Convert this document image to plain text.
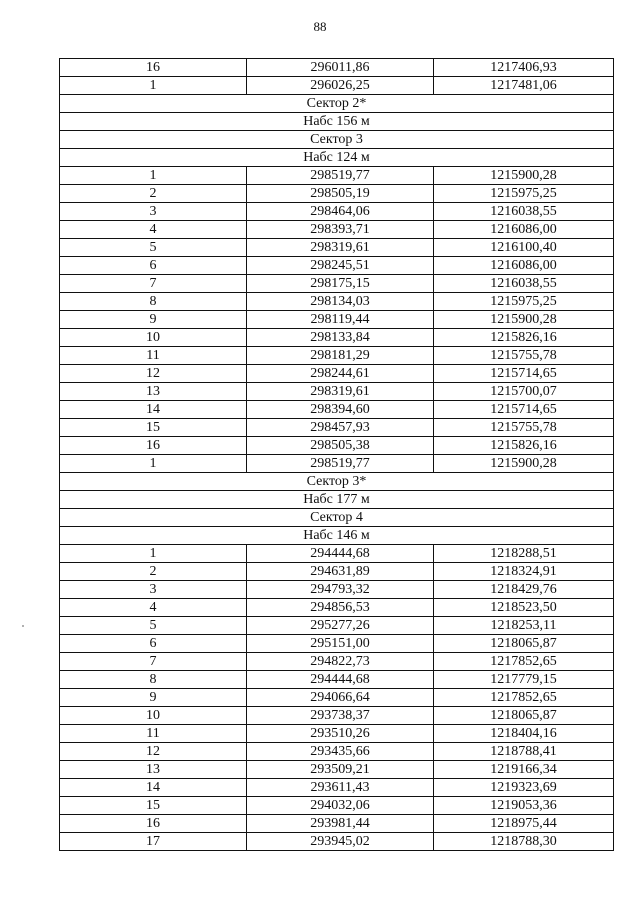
88
16	296011,86	1217406,93
1	296026,25	1217481,06
Сектор 2*		
Набс 156 м		
Сектор 3		
Набс 124 м		
1	298519,77	1215900,28
2	298505,19	1215975,25
3	298464,06	1216038,55
4	298393,71	1216086,00
5	298319,61	1216100,40
6	298245,51	1216086,00
7	298175,15	1216038,55
8	298134,03	1215975,25
9	298119,44	1215900,28
10	298133,84	1215826,16
11	298181,29	1215755,78
12	298244,61	1215714,65
13	298319,61	1215700,07
14	298394,60	1215714,65
15	298457,93	1215755,78
16	298505,38	1215826,16
1	298519,77	1215900,28
Сектор 3*		
Набс 177 м		
Сектор 4		
Набс 146 м		
1	294444,68	1218288,51
2	294631,89	1218324,91
3	294793,32	1218429,76
4	294856,53	1218523,50
5	295277,26	1218253,11
6	295151,00	1218065,87
7	294822,73	1217852,65
8	294444,68	1217779,15
9	294066,64	1217852,65
10	293738,37	1218065,87
11	293510,26	1218404,16
12	293435,66	1218788,41
13	293509,21	1219166,34
14	293611,43	1219323,69
15	294032,06	1219053,36
16	293981,44	1218975,44
17	293945,02	1218788,30
